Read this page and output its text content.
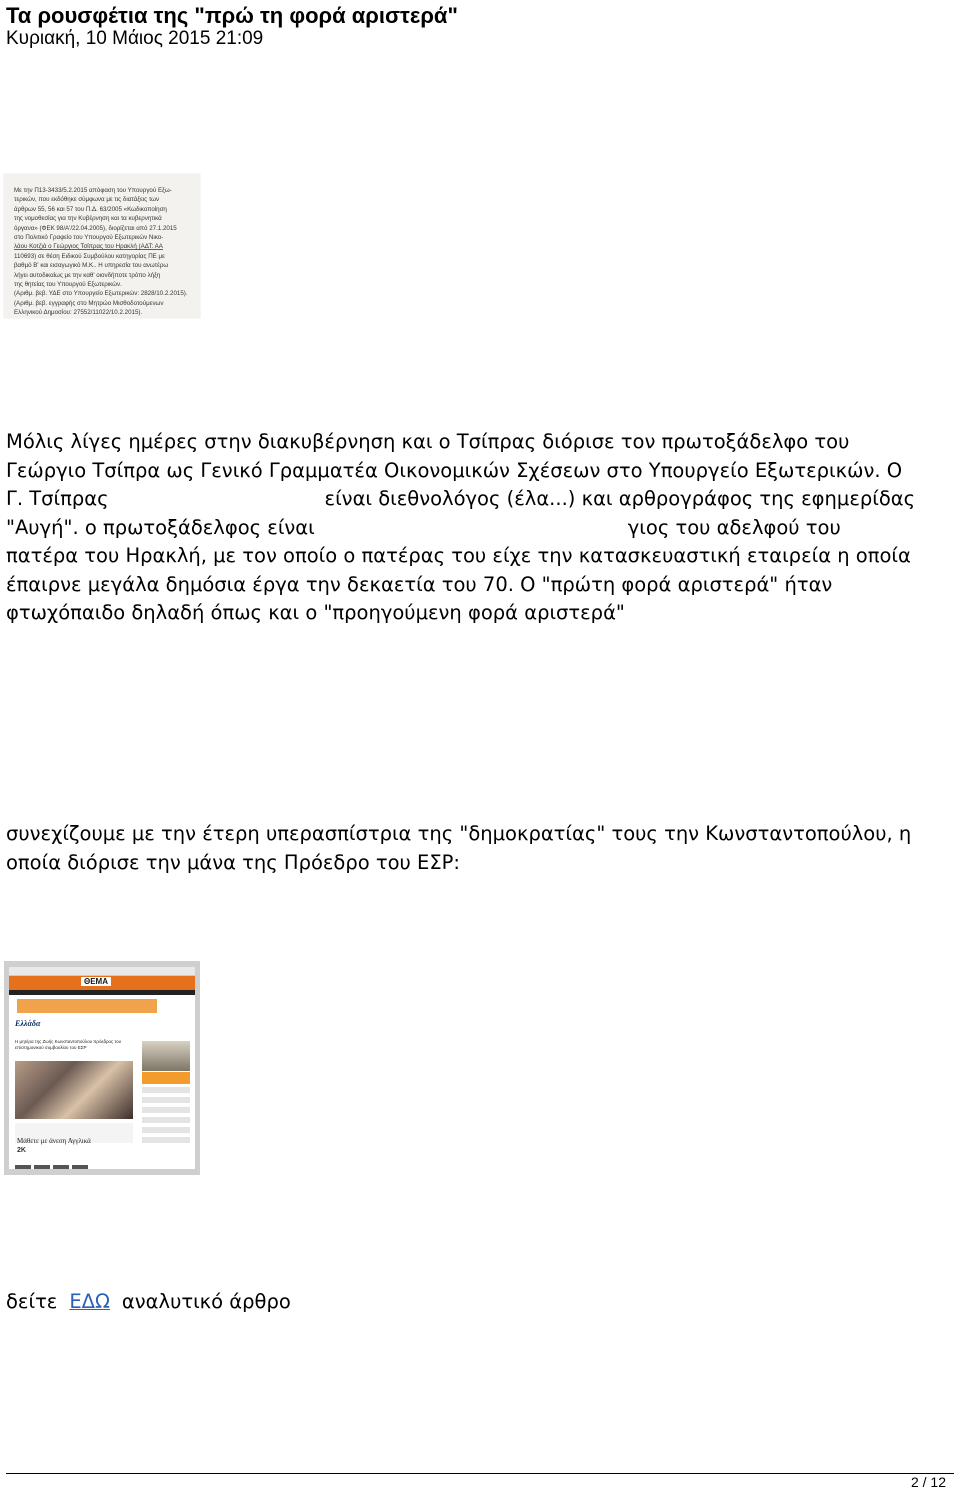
Τα ρουσφέτια της "πρώ τη φορά αριστερά"
Κυριακή, 10 Μάιος 2015 21:09
Με την Π13-3433/5.2.2015 απόφαση του Υπουργού Εξω-
τερικών, που εκδόθηκε σύμφωνα με τις διατάξεις των
άρθρων 55, 56 και 57 του Π.Δ. 63/2005 «Κωδικοποίηση
της νομοθεσίας για την Κυβέρνηση και τα κυβερνητικά
όργανα» (ΦΕΚ 98/Α'/22.04.2005), διορίζεται από 27.1.2015
στο Πολιτικό Γραφείο του Υπουργού Εξωτερικών Νικο-
λάου Κοτζιά ο Γεώργιος Τσίπρας του Ηρακλή (ΑΔΤ: ΑΑ
110693) σε θέση Ειδικού Συμβούλου κατηγορίας ΠΕ με
βαθμό Β' και εισαγωγικό Μ.Κ.. Η υπηρεσία του ανωτέρω
λήγει αυτοδικαίως με την καθ' οιονδήποτε τρόπο λήξη
της θητείας του Υπουργού Εξωτερικών.
(Αριθμ. βεβ. ΥΔΕ στο Υπουργείο Εξωτερικών: 2828/10.2.2015).
(Αριθμ. βεβ. εγγραφής στο Μητρώο Μισθοδοτούμενων
Ελληνικού Δημοσίου: 27552/11022/10.2.2015).

Μόλις λίγες ημέρες στην διακυβέρνηση και ο Τσίπρας διόρισε τον πρωτοξάδελφο του
Γεώργιο Τσίπρα ως Γενικό Γραμματέα Οικονομικών Σχέσεων στο Υπουργείο Εξωτερικών. Ο
Γ. Τσίπρας	είναι διεθνολόγος (έλα...) και αρθρογράφος της εφημερίδας
"Αυγή". ο πρωτοξάδελφος είναι	γιος του αδελφού του
πατέρα του Ηρακλή, με τον οποίο ο πατέρας του είχε την κατασκευαστική εταιρεία η οποία
έπαιρνε μεγάλα δημόσια έργα την δεκαετία του 70. Ο "πρώτη φορά αριστερά" ήταν
φτωχόπαιδο δηλαδή όπως και ο "προηγούμενη φορά αριστερά"

συνεχίζουμε με την έτερη υπερασπίστρια της "δημοκρατίας" τους την Κωνσταντοπούλου, η
οποία διόρισε την μάνα της Πρόεδρο του ΕΣΡ:

ΘΕΜΑ
Ελλάδα
Η μητέρα της Ζωής Κωνσταντοπούλου πρόεδρος του επιστημονικού συμβουλίου του ΕΣΡ
Μάθετε με άνεση Αγγλικά
2K

δείτε ΕΔΩ αναλυτικό άρθρο

2 / 12
